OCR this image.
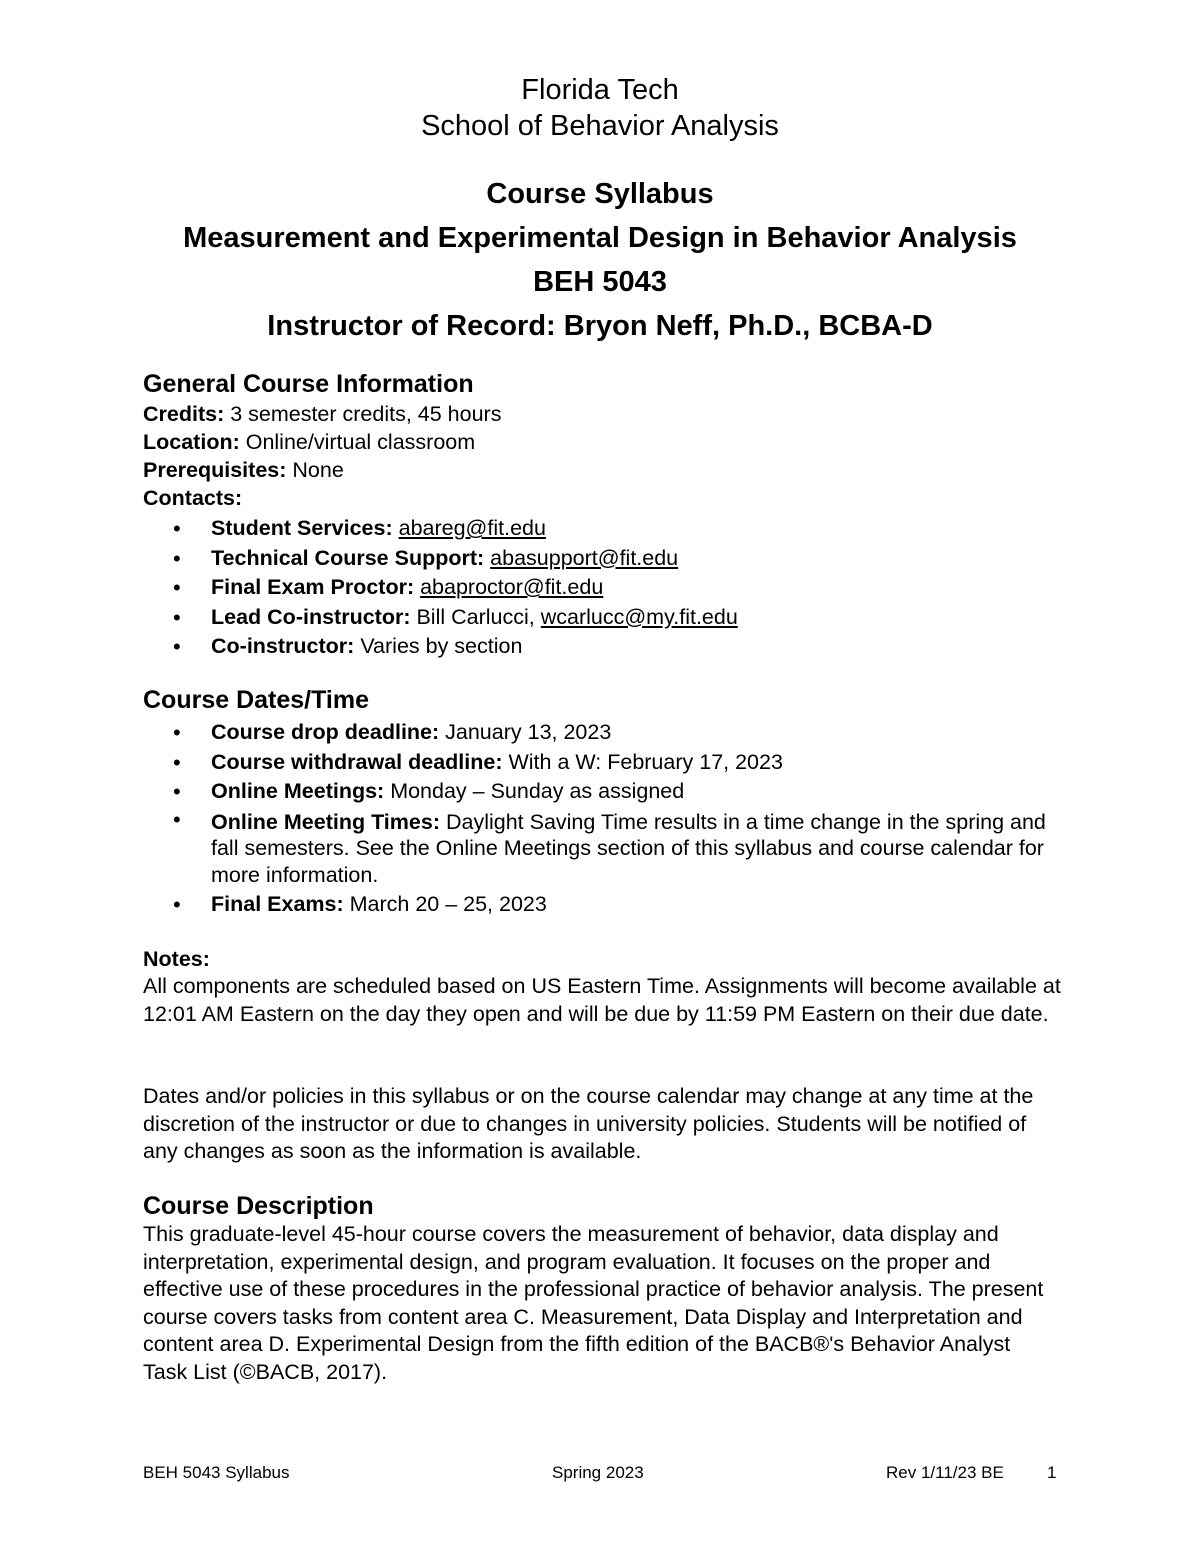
Florida Tech
School of Behavior Analysis
Course Syllabus
Measurement and Experimental Design in Behavior Analysis
BEH 5043
Instructor of Record: Bryon Neff, Ph.D., BCBA-D
General Course Information
Credits: 3 semester credits, 45 hours
Location: Online/virtual classroom
Prerequisites: None
Contacts:
• Student Services: abareg@fit.edu
• Technical Course Support: abasupport@fit.edu
• Final Exam Proctor: abaproctor@fit.edu
• Lead Co-instructor: Bill Carlucci, wcarlucc@my.fit.edu
• Co-instructor: Varies by section
Course Dates/Time
• Course drop deadline: January 13, 2023
• Course withdrawal deadline: With a W: February 17, 2023
• Online Meetings: Monday – Sunday as assigned
• Online Meeting Times: Daylight Saving Time results in a time change in the spring and fall semesters. See the Online Meetings section of this syllabus and course calendar for more information.
• Final Exams: March 20 – 25, 2023
Notes:
All components are scheduled based on US Eastern Time. Assignments will become available at 12:01 AM Eastern on the day they open and will be due by 11:59 PM Eastern on their due date.
Dates and/or policies in this syllabus or on the course calendar may change at any time at the discretion of the instructor or due to changes in university policies. Students will be notified of any changes as soon as the information is available.
Course Description
This graduate-level 45-hour course covers the measurement of behavior, data display and interpretation, experimental design, and program evaluation. It focuses on the proper and effective use of these procedures in the professional practice of behavior analysis. The present course covers tasks from content area C. Measurement, Data Display and Interpretation and content area D. Experimental Design from the fifth edition of the BACB®'s Behavior Analyst Task List (©BACB, 2017).
BEH 5043 Syllabus	Spring 2023	Rev 1/11/23 BE	1
